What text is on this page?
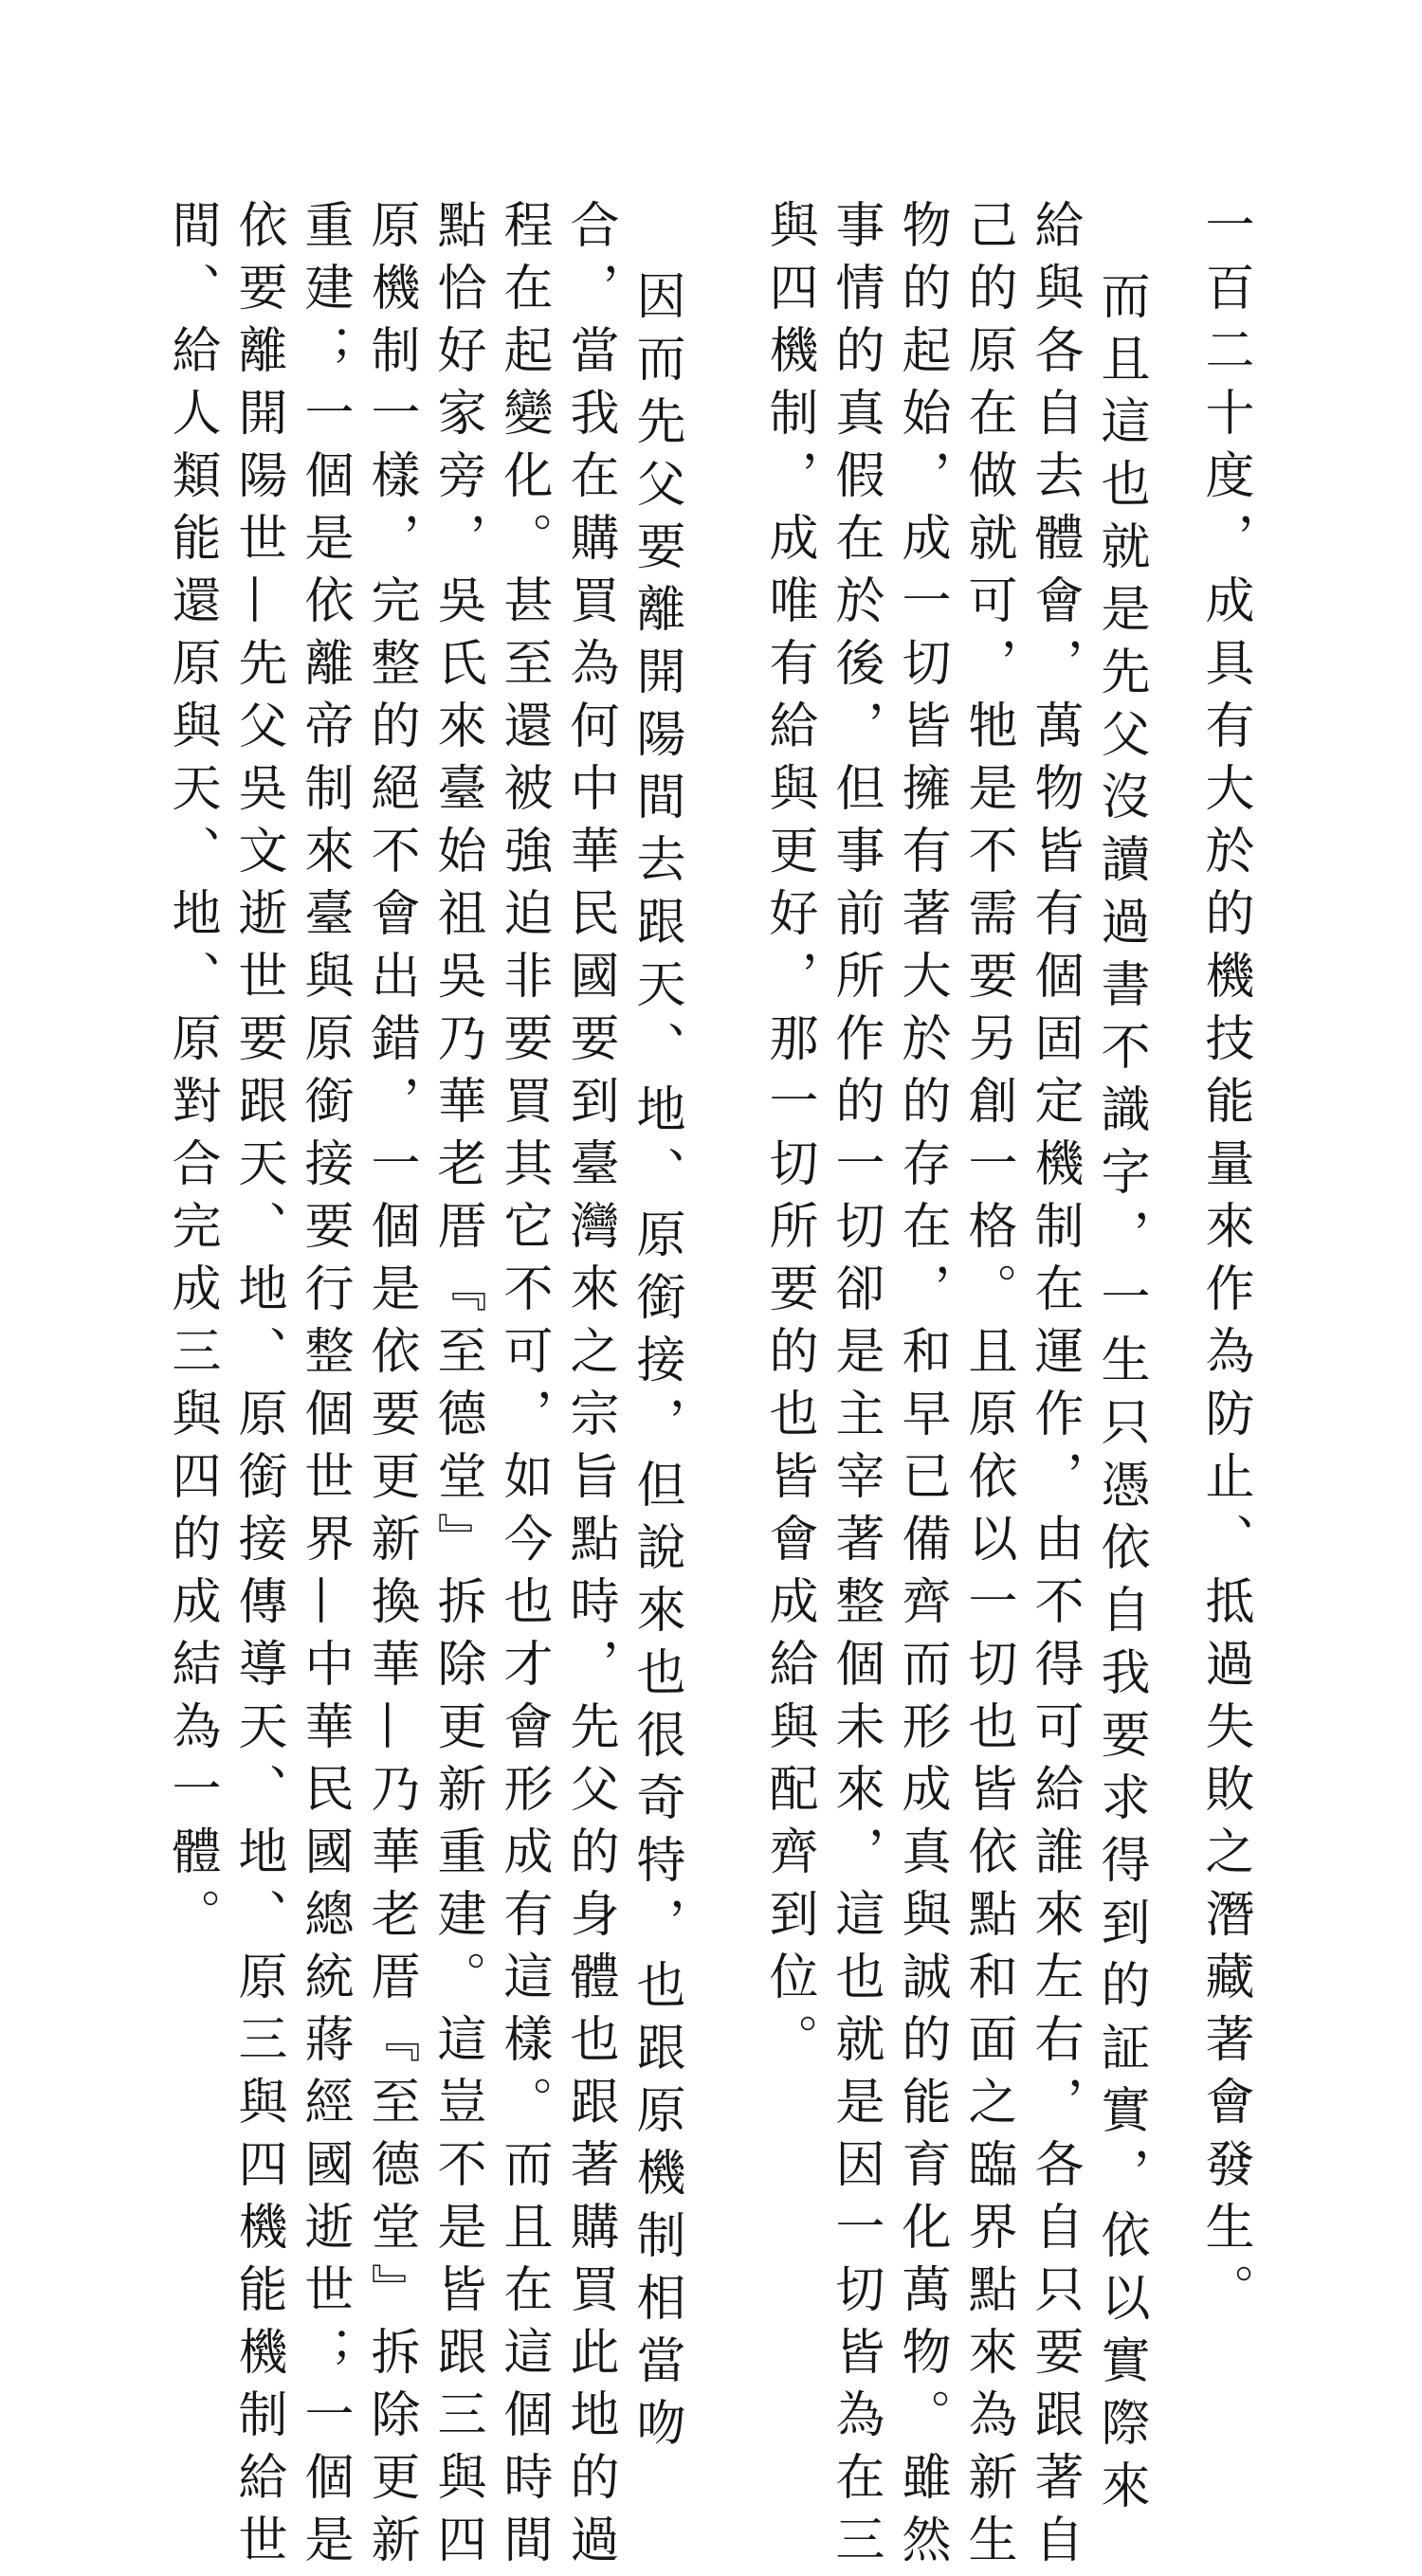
一百二十度，成具有大於的機技能量來作為防止、抵過失敗之潛藏著會發生。
而且這也就是先父沒讀過書不識字，一生只憑依自我要求得到的証實，依以實際來
給與各自去體會，萬物皆有個固定機制在運作，由不得可給誰來左右，各自只要跟著自
己的原在做就可，牠是不需要另創一格。且原依以一切也皆依點和面之臨界點來為新生
物的起始，成一切皆擁有著大於的存在，和早已備齊而形成真與誠的能育化萬物。雖然
事情的真假在於後，但事前所作的一切卻是主宰著整個未來，這也就是因一切皆為在三
與四機制，成唯有給與更好，那一切所要的也皆會成給與配齊到位。
因而先父要離開陽間去跟天、地、原銜接，但說來也很奇特，也跟原機制相當吻
合，當我在購買為何中華民國要到臺灣來之宗旨點時，先父的身體也跟著購買此地的過
程在起變化。甚至還被強迫非要買其它不可，如今也才會形成有這樣。而且在這個時間
點恰好家旁，吳氏來臺始祖吳乃華老厝『至德堂』拆除更新重建。這豈不是皆跟三與四
原機制一樣，完整的絕不會出錯，一個是依要更新換華—乃華老厝『至德堂』拆除更新
重建；一個是依離帝制來臺與原銜接要行整個世界—中華民國總統蔣經國逝世；一個是
依要離開陽世—先父吳文逝世要跟天、地、原銜接傳導天、地、原三與四機能機制給世
間、給人類能還原與天、地、原對合完成三與四的成結為一體。
